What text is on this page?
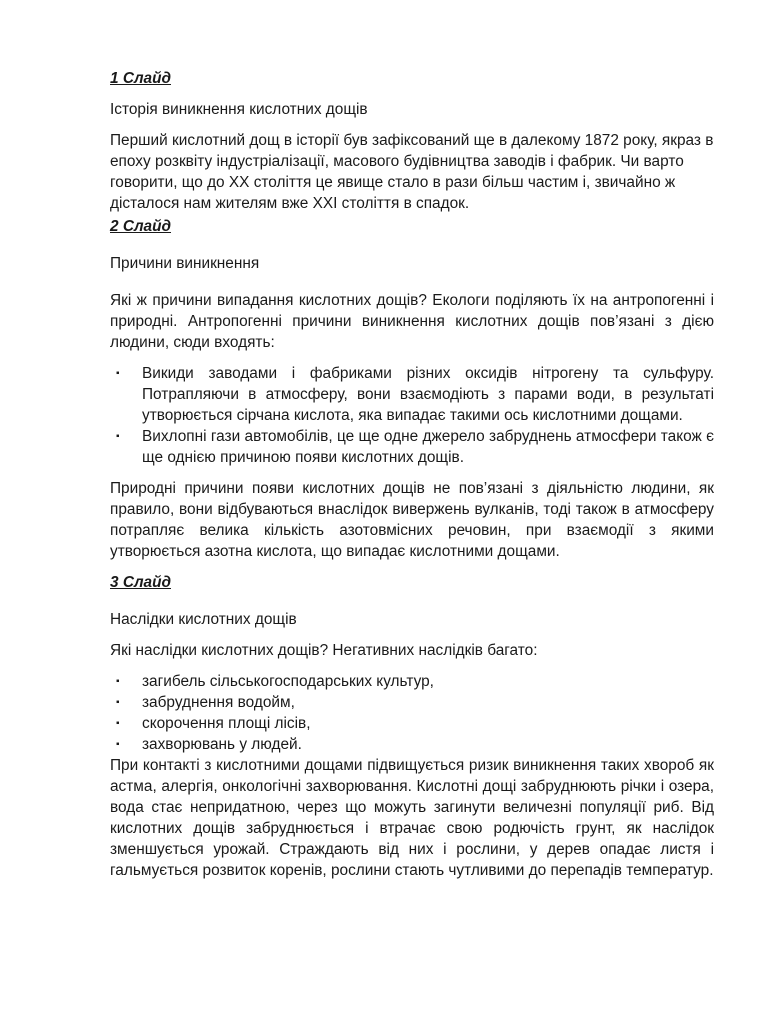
1 Слайд
Історія виникнення кислотних дощів
Перший кислотний дощ в історії був зафіксований ще в далекому 1872 року, якраз в епоху розквіту індустріалізації, масового будівництва заводів і фабрик. Чи варто говорити, що до XX століття це явище стало в рази більш частим і, звичайно ж дісталося нам жителям вже XXI століття в спадок.
2 Слайд
Причини виникнення
Які ж причини випадання кислотних дощів? Екологи поділяють їх на антропогенні і природні. Антропогенні причини виникнення кислотних дощів пов’язані з дією людини, сюди входять:
▪ Викиди заводами і фабриками різних оксидів нітрогену та сульфуру. Потрапляючи в атмосферу, вони взаємодіють з парами води, в результаті утворюється сірчана кислота, яка випадає такими ось кислотними дощами.
▪ Вихлопні гази автомобілів, це ще одне джерело забруднень атмосфери також є ще однією причиною появи кислотних дощів.
Природні причини появи кислотних дощів не пов’язані з діяльністю людини, як правило, вони відбуваються внаслідок вивержень вулканів, тоді також в атмосферу потрапляє велика кількість азотовмісних речовин, при взаємодії з якими утворюється азотна кислота, що випадає кислотними дощами.
3 Слайд
Наслідки кислотних дощів
Які наслідки кислотних дощів? Негативних наслідків багато:
▪ загибель сільськогосподарських культур,
▪ забруднення водойм,
▪ скорочення площі лісів,
▪ захворювань у людей.
При контакті з кислотними дощами підвищується ризик виникнення таких хвороб як астма, алергія, онкологічні захворювання. Кислотні дощі забруднюють річки і озера, вода стає непридатною, через що можуть загинути величезні популяції риб. Від кислотних дощів забруднюється і втрачає свою родючість грунт, як наслідок зменшується урожай. Страждають від них і рослини, у дерев опадає листя і гальмується розвиток коренів, рослини стають чутливими до перепадів температур.
